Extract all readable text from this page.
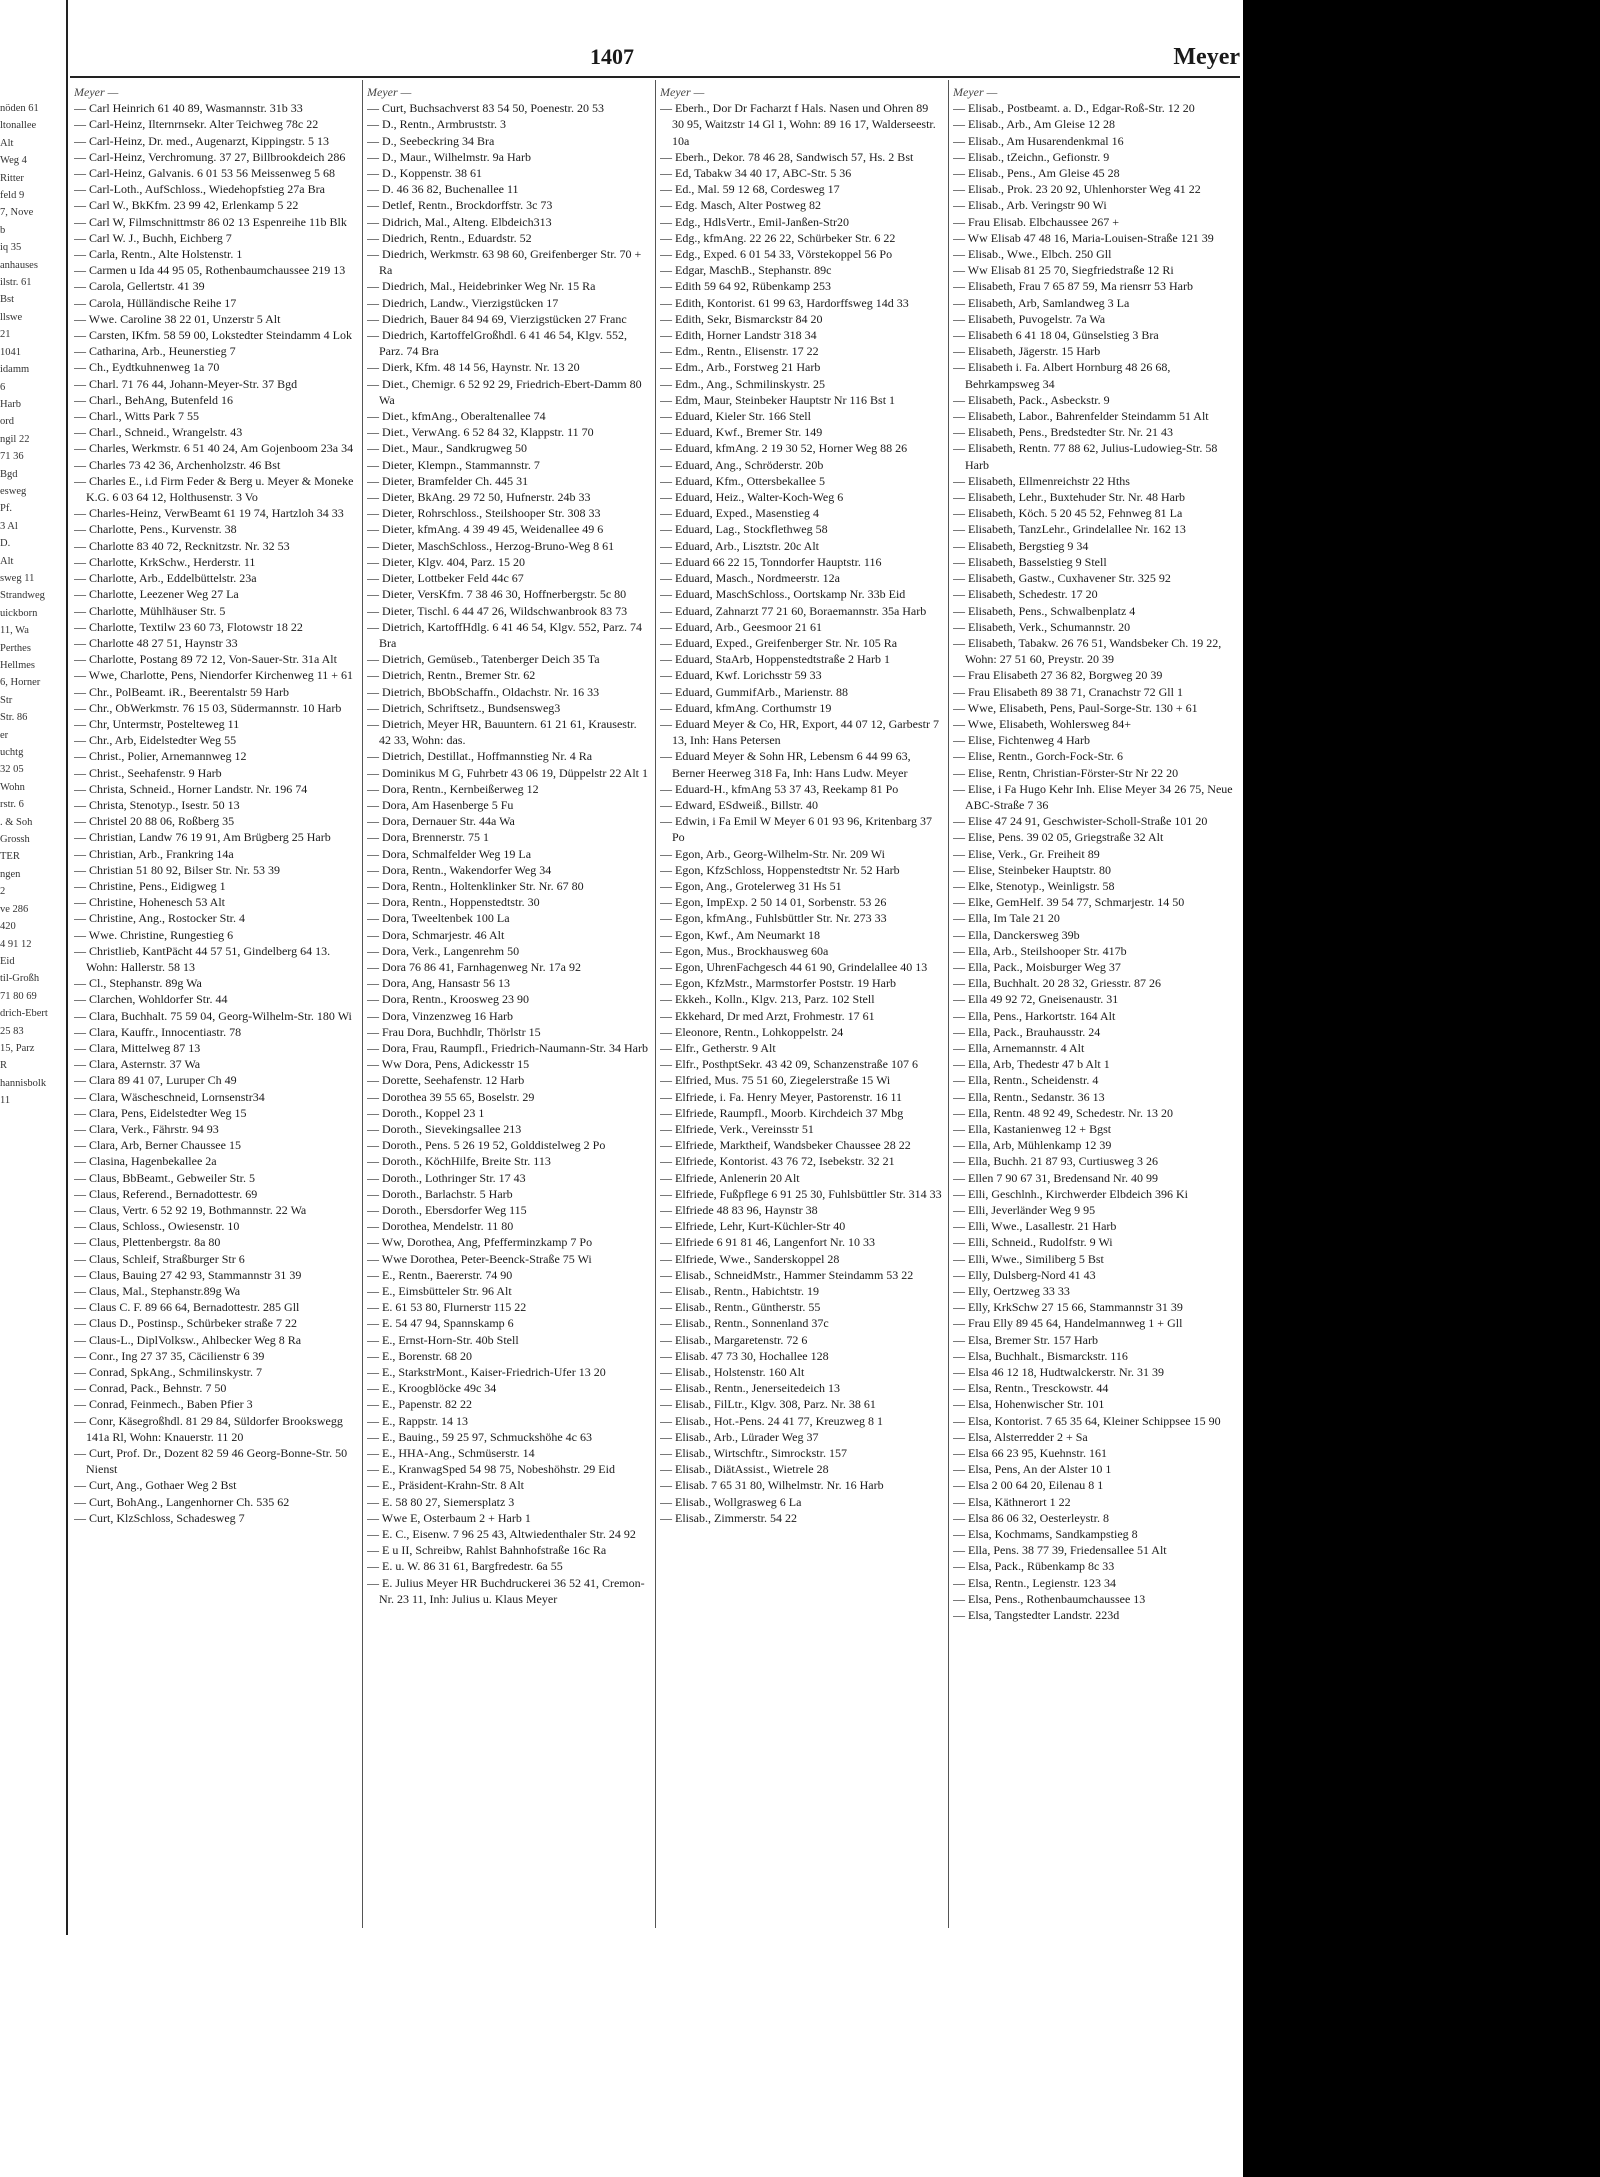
nöden 61
ltonallee
Alt
Weg 4
Ritter
feld 9
7, Nove
b
iq 35
anhauses
ilstr. 61
Bst
llswe
21
1041
idamm
6
Harb
ord
ngil 22
71 36
Bgd
esweg
Pf.
3 Al
D.
Alt
sweg 11
Strandweg
uickborn
11, Wa
Perthes
Hellmes
6, Horner
Str
Str. 86
er
uchtg
32 05
Wohn
rstr. 6
. & Soh
Grossh
TER
ngen
2
ve 286
420
4 91 12
Eid
til-Großh
71 80 69
drich-Ebert
25 83
15, Parz
R
hannisbolk
11
1407	Meyer
Meyer —
— Carl Heinrich 61 40 89, Wasmannstr. 31b 33
— Carl-Heinz, Ilternrnsekr. Alter Teichweg 78c 22
— Carl-Heinz, Dr. med., Augenarzt, Kippingstr. 5 13
— Carl-Heinz, Verchromung. 37 27, Billbrookdeich 286
— Carl-Heinz, Galvanis. 6 01 53 56 Meissenweg 5 68
— Carl-Loth., AufSchloss., Wiedehopfstieg 27a Bra
— Carl W., BkKfm. 23 99 42, Erlenkamp 5 22
— Carl W, Filmschnittmstr 86 02 13 Espenreihe 11b Blk
— Carl W. J., Buchh, Eichberg 7
— Carla, Rentn., Alte Holstenstr. 1
— Carmen u Ida 44 95 05, Rothenbaumchaussee 219 13
— Carola, Gellertstr. 41 39
— Carola, Hülländische Reihe 17
— Wwe. Caroline 38 22 01, Unzerstr 5 Alt
— Carsten, IKfm. 58 59 00, Lokstedter Steindamm 4 Lok
— Catharina, Arb., Heunerstieg 7
— Ch., Eydtkuhnenweg 1a 70
— Charl. 71 76 44, Johann-Meyer-Str. 37 Bgd
— Charl., BehAng, Butenfeld 16
— Charl., Witts Park 7 55
— Charl., Schneid., Wrangelstr. 43
— Charles, Werkmstr. 6 51 40 24, Am Gojenboom 23a 34
— Charles 73 42 36, Archenholzstr. 46 Bst
— Charles E., i.d Firm Feder & Berg u. Meyer & Moneke K.G. 6 03 64 12, Holthusenstr. 3 Vo
— Charles-Heinz, VerwBeamt 61 19 74, Hartzloh 34 33
— Charlotte, Pens., Kurvenstr. 38
— Charlotte 83 40 72, Recknitzstr. Nr. 32 53
— Charlotte, KrkSchw., Herderstr. 11
— Charlotte, Arb., Eddelbüttelstr. 23a
— Charlotte, Leezener Weg 27 La
— Charlotte, Mühlhäuser Str. 5
— Charlotte, Textilw 23 60 73, Flotowstr 18 22
— Charlotte 48 27 51, Haynstr 33
— Charlotte, Postang 89 72 12, Von-Sauer-Str. 31a Alt
— Wwe, Charlotte, Pens, Niendorfer Kirchenweg 11 + 61
— Chr., PolBeamt. iR., Beerentalstr 59 Harb
— Chr., ObWerkmstr. 76 15 03, Südermannstr. 10 Harb
— Chr, Untermstr, Postelteweg 11
— Chr., Arb, Eidelstedter Weg 55
— Christ., Polier, Arnemannweg 12
— Christ., Seehafenstr. 9 Harb
— Christa, Schneid., Horner Landstr. Nr. 196 74
— Christa, Stenotyp., Isestr. 50 13
— Christel 20 88 06, Roßberg 35
— Christian, Landw 76 19 91, Am Brügberg 25 Harb
— Christian, Arb., Frankring 14a
— Christian 51 80 92, Bilser Str. Nr. 53 39
— Christine, Pens., Eidigweg 1
— Christine, Hohenesch 53 Alt
— Christine, Ang., Rostocker Str. 4
— Wwe. Christine, Rungestieg 6
— Christlieb, KantPächt 44 57 51, Gindelberg 64 13. Wohn: Hallerstr. 58 13
— Cl., Stephanstr. 89g Wa
— Clarchen, Wohldorfer Str. 44
— Clara, Buchhalt. 75 59 04, Georg-Wilhelm-Str. 180 Wi
— Clara, Kauffr., Innocentiastr. 78
— Clara, Mittelweg 87 13
— Clara, Asternstr. 37 Wa
— Clara 89 41 07, Luruper Ch 49
— Clara, Wäscheschneid, Lornsenstr34
— Clara, Pens, Eidelstedter Weg 15
— Clara, Verk., Fährstr. 94 93
— Clara, Arb, Berner Chaussee 15
— Clasina, Hagenbekallee 2a
— Claus, BbBeamt., Gebweiler Str. 5
— Claus, Referend., Bernadottestr. 69
— Claus, Vertr. 6 52 92 19, Bothmannstr. 22 Wa
— Claus, Schloss., Owiesenstr. 10
— Claus, Plettenbergstr. 8a 80
— Claus, Schleif, Straßburger Str 6
— Claus, Bauing 27 42 93, Stammannstr 31 39
— Claus, Mal., Stephanstr.89g Wa
— Claus C. F. 89 66 64, Bernadottestr. 285 Gll
— Claus D., Postinsp., Schürbeker straße 7 22
— Claus-L., DiplVolksw., Ahlbecker Weg 8 Ra
— Conr., Ing 27 37 35, Cäcilienstr 6 39
— Conrad, SpkAng., Schmilinskystr. 7
— Conrad, Pack., Behnstr. 7 50
— Conrad, Feinmech., Baben Pfier 3
— Conr, Käsegroßhdl. 81 29 84, Süldorfer Brookswegg 141a Rl, Wohn: Knauerstr. 11 20
— Curt, Prof. Dr., Dozent 82 59 46 Georg-Bonne-Str. 50 Nienst
— Curt, Ang., Gothaer Weg 2 Bst
— Curt, BohAng., Langenhorner Ch. 535 62
— Curt, KlzSchloss, Schadesweg 7
Meyer —
— Curt, Buchsachverst 83 54 50, Poenestr. 20 53
— D., Rentn., Armbruststr. 3
— D., Seebeckring 34 Bra
— D., Maur., Wilhelmstr. 9a Harb
— D., Koppenstr. 38 61
— D. 46 36 82, Buchenallee 11
— Detlef, Rentn., Brockdorffstr. 3c 73
— Didrich, Mal., Alteng. Elbdeich313
— Diedrich, Rentn., Eduardstr. 52
— Diedrich, Werkmstr. 63 98 60, Greifenberger Str. 70 + Ra
— Diedrich, Mal., Heidebrinker Weg Nr. 15 Ra
— Diedrich, Landw., Vierzigstücken 17
— Diedrich, Bauer 84 94 69, Vierzigstücken 27 Franc
— Diedrich, KartoffelGroßhdl. 6 41 46 54, Klgv. 552, Parz. 74 Bra
— Dierk, Kfm. 48 14 56, Haynstr. Nr. 13 20
— Diet., Chemigr. 6 52 92 29, Friedrich-Ebert-Damm 80 Wa
— Diet., kfmAng., Oberaltenallee 74
— Diet., VerwAng. 6 52 84 32, Klappstr. 11 70
— Diet., Maur., Sandkrugweg 50
— Dieter, Klempn., Stammannstr. 7
— Dieter, Bramfelder Ch. 445 31
— Dieter, BkAng. 29 72 50, Hufnerstr. 24b 33
— Dieter, Rohrschloss., Steilshooper Str. 308 33
— Dieter, kfmAng. 4 39 49 45, Weidenallee 49 6
— Dieter, MaschSchloss., Herzog-Bruno-Weg 8 61
— Dieter, Klgv. 404, Parz. 15 20
— Dieter, Lottbeker Feld 44c 67
— Dieter, VersKfm. 7 38 46 30, Hoffnerbergstr. 5c 80
— Dieter, Tischl. 6 44 47 26, Wildschwanbrook 83 73
— Dietrich, KartoffHdlg. 6 41 46 54, Klgv. 552, Parz. 74 Bra
— Dietrich, Gemüseb., Tatenberger Deich 35 Ta
— Dietrich, Rentn., Bremer Str. 62
— Dietrich, BbObSchaffn., Oldachstr. Nr. 16 33
— Dietrich, Schriftsetz., Bundsensweg3
— Dietrich, Meyer HR, Bauuntern. 61 21 61, Krausestr. 42 33, Wohn: das.
— Dietrich, Destillat., Hoffmannstieg Nr. 4 Ra
— Dominikus M G, Fuhrbetr 43 06 19, Düppelstr 22 Alt 1
— Dora, Rentn., Kernbeißerweg 12
— Dora, Am Hasenberge 5 Fu
— Dora, Dernauer Str. 44a Wa
— Dora, Brennerstr. 75 1
— Dora, Schmalfelder Weg 19 La
— Dora, Rentn., Wakendorfer Weg 34
— Dora, Rentn., Holtenklinker Str. Nr. 67 80
— Dora, Rentn., Hoppenstedtstr. 30
— Dora, Tweeltenbek 100 La
— Dora, Schmarjestr. 46 Alt
— Dora, Verk., Langenrehm 50
— Dora 76 86 41, Farnhagenweg Nr. 17a 92
— Dora, Ang, Hansastr 56 13
— Dora, Rentn., Kroosweg 23 90
— Dora, Vinzenzweg 16 Harb
— Frau Dora, Buchhdlr, Thörlstr 15
— Dora, Frau, Raumpfl., Friedrich-Naumann-Str. 34 Harb
— Ww Dora, Pens, Adickesstr 15
— Dorette, Seehafenstr. 12 Harb
— Dorothea 39 55 65, Boselstr. 29
— Doroth., Koppel 23 1
— Doroth., Sievekingsallee 213
— Doroth., Pens. 5 26 19 52, Golddistelweg 2 Po
— Doroth., KöchHilfe, Breite Str. 113
— Doroth., Lothringer Str. 17 43
— Doroth., Barlachstr. 5 Harb
— Doroth., Ebersdorfer Weg 115
— Dorothea, Mendelstr. 11 80
— Ww, Dorothea, Ang, Pfefferminzkamp 7 Po
— Wwe Dorothea, Peter-Beenck-Straße 75 Wi
— E., Rentn., Baererstr. 74 90
— E., Eimsbütteler Str. 96 Alt
— E. 61 53 80, Flurnerstr 115 22
— E. 54 47 94, Spannskamp 6
— E., Ernst-Horn-Str. 40b Stell
— E., Borenstr. 68 20
— E., StarkstrMont., Kaiser-Friedrich-Ufer 13 20
— E., Kroogblöcke 49c 34
— E., Papenstr. 82 22
— E., Rappstr. 14 13
— E., Bauing., 59 25 97, Schmuckshöhe 4c 63
— E., HHA-Ang., Schmüserstr. 14
— E., KranwagSped 54 98 75, Nobeshöhstr. 29 Eid
— E., Präsident-Krahn-Str. 8 Alt
— E. 58 80 27, Siemersplatz 3
— Wwe E, Osterbaum 2 + Harb 1
— E. C., Eisenw. 7 96 25 43, Altwiedenthaler Str. 24 92
— E u II, Schreibw, Rahlst Bahnhofstraße 16c Ra
— E. u. W. 86 31 61, Bargfredestr. 6a 55
— E. Julius Meyer HR Buchdruckerei 36 52 41, Cremon-Nr. 23 11, Inh: Julius u. Klaus Meyer
Meyer —
— Eberh., Dor Dr Facharzt f Hals. Nasen und Ohren 89 30 95, Waitzstr 14 Gl 1, Wohn: 89 16 17, Walderseestr. 10a
— Eberh., Dekor. 78 46 28, Sandwisch 57, Hs. 2 Bst
— Ed, Tabakw 34 40 17, ABC-Str. 5 36
— Ed., Mal. 59 12 68, Cordesweg 17
— Edg. Masch, Alter Postweg 82
— Edg., HdlsVertr., Emil-Janßen-Str20
— Edg., kfmAng. 22 26 22, Schürbeker Str. 6 22
— Edg., Exped. 6 01 54 33, Vörstekoppel 56 Po
— Edgar, MaschB., Stephanstr. 89c
— Edith 59 64 92, Rübenkamp 253
— Edith, Kontorist. 61 99 63, Hardorffsweg 14d 33
— Edith, Sekr, Bismarckstr 84 20
— Edith, Horner Landstr 318 34
— Edm., Rentn., Elisenstr. 17 22
— Edm., Arb., Forstweg 21 Harb
— Edm., Ang., Schmilinskystr. 25
— Edm, Maur, Steinbeker Hauptstr Nr 116 Bst 1
— Eduard, Kieler Str. 166 Stell
— Eduard, Kwf., Bremer Str. 149
— Eduard, kfmAng. 2 19 30 52, Horner Weg 88 26
— Eduard, Ang., Schröderstr. 20b
— Eduard, Kfm., Ottersbekallee 5
— Eduard, Heiz., Walter-Koch-Weg 6
— Eduard, Exped., Masenstieg 4
— Eduard, Lag., Stockflethweg 58
— Eduard, Arb., Lisztstr. 20c Alt
— Eduard 66 22 15, Tonndorfer Hauptstr. 116
— Eduard, Masch., Nordmeerstr. 12a
— Eduard, MaschSchloss., Oortskamp Nr. 33b Eid
— Eduard, Zahnarzt 77 21 60, Boraemannstr. 35a Harb
— Eduard, Arb., Geesmoor 21 61
— Eduard, Exped., Greifenberger Str. Nr. 105 Ra
— Eduard, StaArb, Hoppenstedtstraße 2 Harb 1
— Eduard, Kwf. Lorichsstr 59 33
— Eduard, GummifArb., Marienstr. 88
— Eduard, kfmAng. Corthumstr 19
— Eduard Meyer & Co, HR, Export, 44 07 12, Garbestr 7 13, Inh: Hans Petersen
— Eduard Meyer & Sohn HR, Lebensm 6 44 99 63, Berner Heerweg 318 Fa, Inh: Hans Ludw. Meyer
— Eduard-H., kfmAng 53 37 43, Reekamp 81 Po
— Edward, ESdweiß., Billstr. 40
— Edwin, i Fa Emil W Meyer 6 01 93 96, Kritenbarg 37 Po
— Egon, Arb., Georg-Wilhelm-Str. Nr. 209 Wi
— Egon, KfzSchloss, Hoppenstedtstr Nr. 52 Harb
— Egon, Ang., Grotelerweg 31 Hs 51
— Egon, ImpExp. 2 50 14 01, Sorbenstr. 53 26
— Egon, kfmAng., Fuhlsbüttler Str. Nr. 273 33
— Egon, Kwf., Am Neumarkt 18
— Egon, Mus., Brockhausweg 60a
— Egon, UhrenFachgesch 44 61 90, Grindelallee 40 13
— Egon, KfzMstr., Marmstorfer Poststr. 19 Harb
— Ekkeh., Kolln., Klgv. 213, Parz. 102 Stell
— Ekkehard, Dr med Arzt, Frohmestr. 17 61
— Eleonore, Rentn., Lohkoppelstr. 24
— Elfr., Getherstr. 9 Alt
— Elfr., PosthptSekr. 43 42 09, Schanzenstraße 107 6
— Elfried, Mus. 75 51 60, Ziegelerstraße 15 Wi
— Elfriede, i. Fa. Henry Meyer, Pastorenstr. 16 11
— Elfriede, Raumpfl., Moorb. Kirchdeich 37 Mbg
— Elfriede, Verk., Vereinsstr 51
— Elfriede, Marktheif, Wandsbeker Chaussee 28 22
— Elfriede, Kontorist. 43 76 72, Isebekstr. 32 21
— Elfriede, Anlenerin 20 Alt
— Elfriede, Fußpflege 6 91 25 30, Fuhlsbüttler Str. 314 33
— Elfriede 48 83 96, Haynstr 38
— Elfriede, Lehr, Kurt-Küchler-Str 40
— Elfriede 6 91 81 46, Langenfort Nr. 10 33
— Elfriede, Wwe., Sanderskoppel 28
— Elisab., SchneidMstr., Hammer Steindamm 53 22
— Elisab., Rentn., Habichtstr. 19
— Elisab., Rentn., Güntherstr. 55
— Elisab., Rentn., Sonnenland 37c
— Elisab., Margaretenstr. 72 6
— Elisab. 47 73 30, Hochallee 128
— Elisab., Holstenstr. 160 Alt
— Elisab., Rentn., Jenerseitedeich 13
— Elisab., FilLtr., Klgv. 308, Parz. Nr. 38 61
— Elisab., Hot.-Pens. 24 41 77, Kreuzweg 8 1
— Elisab., Arb., Lürader Weg 37
— Elisab., Wirtschftr., Simrockstr. 157
— Elisab., DiätAssist., Wietrele 28
— Elisab. 7 65 31 80, Wilhelmstr. Nr. 16 Harb
— Elisab., Wollgrasweg 6 La
— Elisab., Zimmerstr. 54 22
Meyer —
— Elisab., Postbeamt. a. D., Edgar-Roß-Str. 12 20
— Elisab., Arb., Am Gleise 12 28
— Elisab., Am Husarendenkmal 16
— Elisab., tZeichn., Gefionstr. 9
— Elisab., Pens., Am Gleise 45 28
— Elisab., Prok. 23 20 92, Uhlenhorster Weg 41 22
— Elisab., Arb. Veringstr 90 Wi
— Frau Elisab. Elbchaussee 267 +
— Ww Elisab 47 48 16, Maria-Louisen-Straße 121 39
— Elisab., Wwe., Elbch. 250 Gll
— Ww Elisab 81 25 70, Siegfriedstraße 12 Ri
— Elisabeth, Frau 7 65 87 59, Ma riensrr 53 Harb
— Elisabeth, Arb, Samlandweg 3 La
— Elisabeth, Puvogelstr. 7a Wa
— Elisabeth 6 41 18 04, Günselstieg 3 Bra
— Elisabeth, Jägerstr. 15 Harb
— Elisabeth i. Fa. Albert Hornburg 48 26 68, Behrkampsweg 34
— Elisabeth, Pack., Asbeckstr. 9
— Elisabeth, Labor., Bahrenfelder Steindamm 51 Alt
— Elisabeth, Pens., Bredstedter Str. Nr. 21 43
— Elisabeth, Rentn. 77 88 62, Julius-Ludowieg-Str. 58 Harb
— Elisabeth, Ellmenreichstr 22 Hths
— Elisabeth, Lehr., Buxtehuder Str. Nr. 48 Harb
— Elisabeth, Köch. 5 20 45 52, Fehnweg 81 La
— Elisabeth, TanzLehr., Grindelallee Nr. 162 13
— Elisabeth, Bergstieg 9 34
— Elisabeth, Basselstieg 9 Stell
— Elisabeth, Gastw., Cuxhavener Str. 325 92
— Elisabeth, Schedestr. 17 20
— Elisabeth, Pens., Schwalbenplatz 4
— Elisabeth, Verk., Schumannstr. 20
— Elisabeth, Tabakw. 26 76 51, Wandsbeker Ch. 19 22, Wohn: 27 51 60, Preystr. 20 39
— Frau Elisabeth 27 36 82, Borgweg 20 39
— Frau Elisabeth 89 38 71, Cranachstr 72 Gll 1
— Wwe, Elisabeth, Pens, Paul-Sorge-Str. 130 + 61
— Wwe, Elisabeth, Wohlersweg 84+
— Elise, Fichtenweg 4 Harb
— Elise, Rentn., Gorch-Fock-Str. 6
— Elise, Rentn, Christian-Förster-Str Nr 22 20
— Elise, i Fa Hugo Kehr Inh. Elise Meyer 34 26 75, Neue ABC-Straße 7 36
— Elise 47 24 91, Geschwister-Scholl-Straße 101 20
— Elise, Pens. 39 02 05, Griegstraße 32 Alt
— Elise, Verk., Gr. Freiheit 89
— Elise, Steinbeker Hauptstr. 80
— Elke, Stenotyp., Weinligstr. 58
— Elke, GemHelf. 39 54 77, Schmarjestr. 14 50
— Ella, Im Tale 21 20
— Ella, Danckersweg 39b
— Ella, Arb., Steilshooper Str. 417b
— Ella, Pack., Moisburger Weg 37
— Ella, Buchhalt. 20 28 32, Griesstr. 87 26
— Ella 49 92 72, Gneisenaustr. 31
— Ella, Pens., Harkortstr. 164 Alt
— Ella, Pack., Brauhausstr. 24
— Ella, Arnemannstr. 4 Alt
— Ella, Arb, Thedestr 47 b Alt 1
— Ella, Rentn., Scheidenstr. 4
— Ella, Rentn., Sedanstr. 36 13
— Ella, Rentn. 48 92 49, Schedestr. Nr. 13 20
— Ella, Kastanienweg 12 + Bgst
— Ella, Arb, Mühlenkamp 12 39
— Ella, Buchh. 21 87 93, Curtiusweg 3 26
— Ellen 7 90 67 31, Bredensand Nr. 40 99
— Elli, Geschlnh., Kirchwerder Elbdeich 396 Ki
— Elli, Jeverländer Weg 9 95
— Elli, Wwe., Lasallestr. 21 Harb
— Elli, Schneid., Rudolfstr. 9 Wi
— Elli, Wwe., Similiberg 5 Bst
— Elly, Dulsberg-Nord 41 43
— Elly, Oertzweg 33 33
— Elly, KrkSchw 27 15 66, Stammannstr 31 39
— Frau Elly 89 45 64, Handelmannweg 1 + Gll
— Elsa, Bremer Str. 157 Harb
— Elsa, Buchhalt., Bismarckstr. 116
— Elsa 46 12 18, Hudtwalckerstr. Nr. 31 39
— Elsa, Rentn., Tresckowstr. 44
— Elsa, Hohenwischer Str. 101
— Elsa, Kontorist. 7 65 35 64, Kleiner Schippsee 15 90
— Elsa, Alsterredder 2 + Sa
— Elsa 66 23 95, Kuehnstr. 161
— Elsa, Pens, An der Alster 10 1
— Elsa 2 00 64 20, Eilenau 8 1
— Elsa, Käthnerort 1 22
— Elsa 86 06 32, Oesterleystr. 8
— Elsa, Kochmams, Sandkampstieg 8
— Ella, Pens. 38 77 39, Friedensallee 51 Alt
— Elsa, Pack., Rübenkamp 8c 33
— Elsa, Rentn., Legienstr. 123 34
— Elsa, Pens., Rothenbaumchaussee 13
— Elsa, Tangstedter Landstr. 223d
